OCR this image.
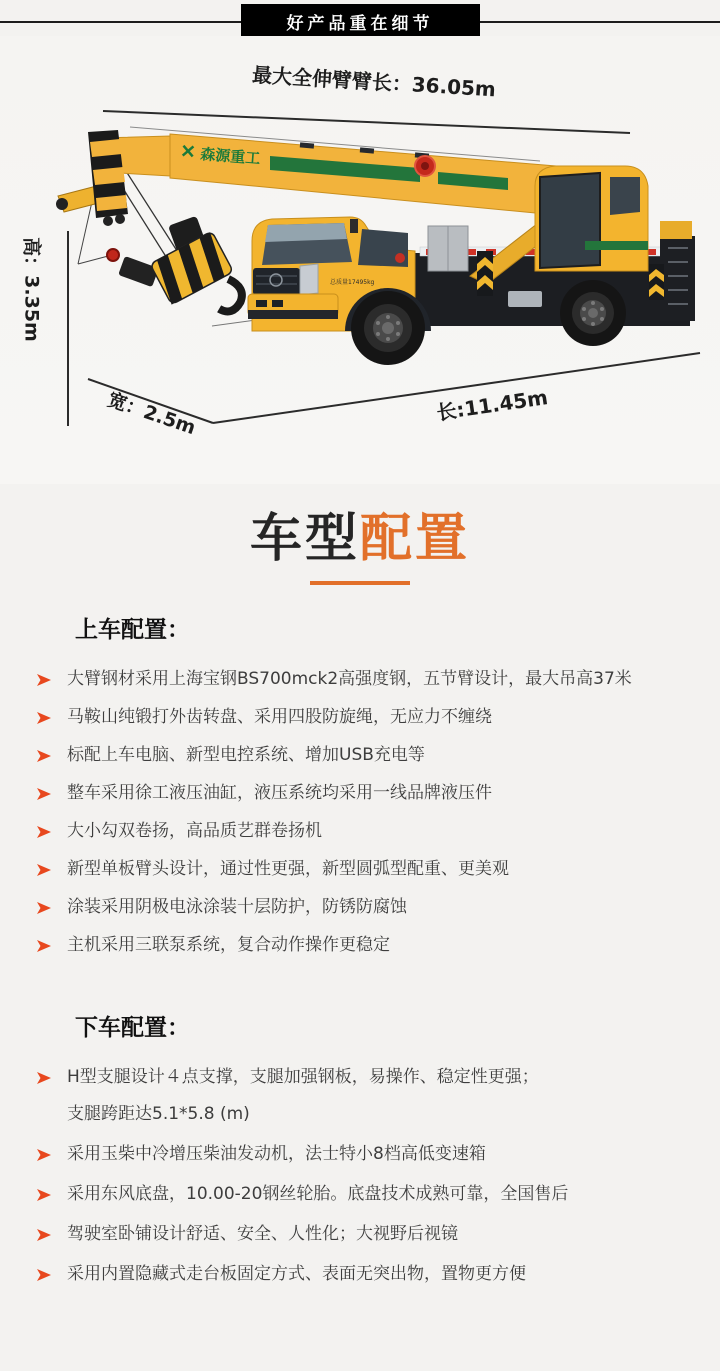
好产品重在细节
森源重工
总质量17495kg
最大全伸臂臂长：36.05m
高：3.35m
宽：2.5m	长:11.45m
车型配置
上车配置：
大臂钢材采用上海宝钢BS700mck2高强度钢，五节臂设计，最大吊高37米
马鞍山纯锻打外齿转盘、采用四股防旋绳，无应力不缠绕
标配上车电脑、新型电控系统、增加USB充电等
整车采用徐工液压油缸，液压系统均采用一线品牌液压件
大小勾双卷扬，高品质艺群卷扬机
新型单板臂头设计，通过性更强，新型圆弧型配重、更美观
涂装采用阴极电泳涂装十层防护，防锈防腐蚀
主机采用三联泵系统，复合动作操作更稳定
下车配置：
H型支腿设计４点支撑，支腿加强钢板，易操作、稳定性更强；
支腿跨距达5.1*5.8 (m)
采用玉柴中冷增压柴油发动机，法士特小8档高低变速箱
采用东风底盘，10.00-20钢丝轮胎。底盘技术成熟可靠，全国售后
驾驶室卧铺设计舒适、安全、人性化；大视野后视镜
采用内置隐藏式走台板固定方式、表面无突出物，置物更方便
